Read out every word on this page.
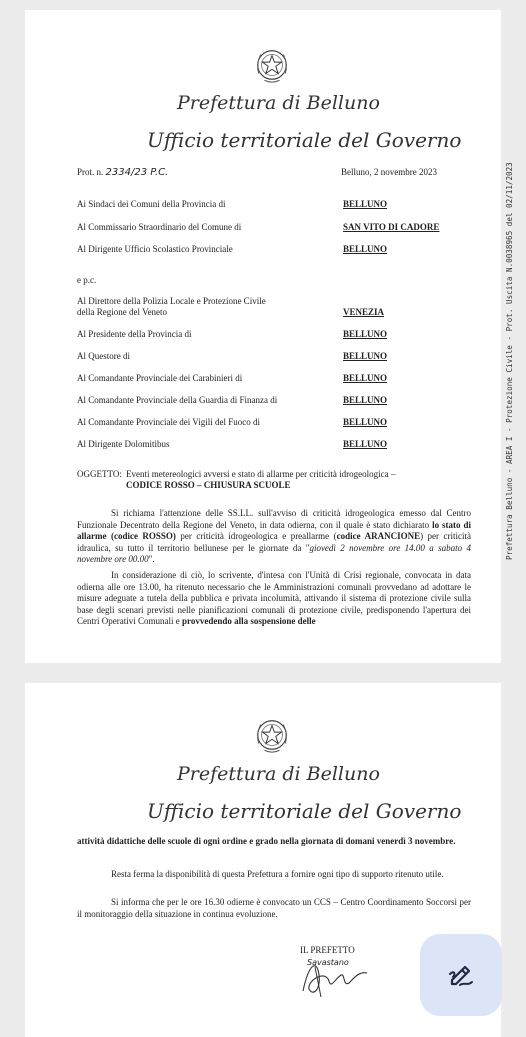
Prefettura di Belluno
Ufficio territoriale del Governo
Prot. n. 2334/23 P.C.	Belluno, 2 novembre 2023
Ai Sindaci dei Comuni della Provincia di	BELLUNO
Al Commissario Straordinario del Comune di	SAN VITO DI CADORE
Al Dirigente Ufficio Scolastico Provinciale	BELLUNO
e p.c.
Al Direttore della Polizia Locale e Protezione Civile
della Regione del Veneto	VENEZIA
Al Presidente della Provincia di	BELLUNO
Al Questore di	BELLUNO
Al Comandante Provinciale dei Carabinieri di	BELLUNO
Al Comandante Provinciale della Guardia di Finanza di	BELLUNO
Al Comandante Provinciale dei Vigili del Fuoco di	BELLUNO
Al Dirigente Dolomitibus	BELLUNO
OGGETTO: Eventi metereologici avversi e stato di allarme per criticità idrogeologica –
CODICE ROSSO – CHIUSURA SCUOLE
Si richiama l'attenzione delle SS.LL. sull'avviso di criticità idrogeologica emesso dal Centro Funzionale Decentrato della Regione del Veneto, in data odierna, con il quale è stato dichiarato lo stato di allarme (codice ROSSO) per criticità idrogeologica e preallarme (codice ARANCIONE) per criticità idraulica, su tutto il territorio bellunese per le giornate da "giovedì 2 novembre ore 14.00 a sabato 4 novembre ore 00.00".
In considerazione di ciò, lo scrivente, d'intesa con l'Unità di Crisi regionale, convocata in data odierna alle ore 13.00, ha ritenuto necessario che le Amministrazioni comunali provvedano ad adottare le misure adeguate a tutela della pubblica e privata incolumità, attivando il sistema di protezione civile sulla base degli scenari previsti nelle pianificazioni comunali di protezione civile, predisponendo l'apertura dei Centri Operativi Comunali e provvedendo alla sospensione delle
Prefettura Belluno - AREA I - Protezione Civile - Prot. Uscita N.0038965 del 02/11/2023
Prefettura di Belluno
Ufficio territoriale del Governo
attività didattiche delle scuole di ogni ordine e grado nella giornata di domani venerdì 3 novembre.
Resta ferma la disponibilità di questa Prefettura a fornire ogni tipo di supporto ritenuto utile.
Si informa che per le ore 16.30 odierne è convocato un CCS – Centro Coordinamento Soccorsi per il monitoraggio della situazione in continua evoluzione.
IL PREFETTO
Savastano
